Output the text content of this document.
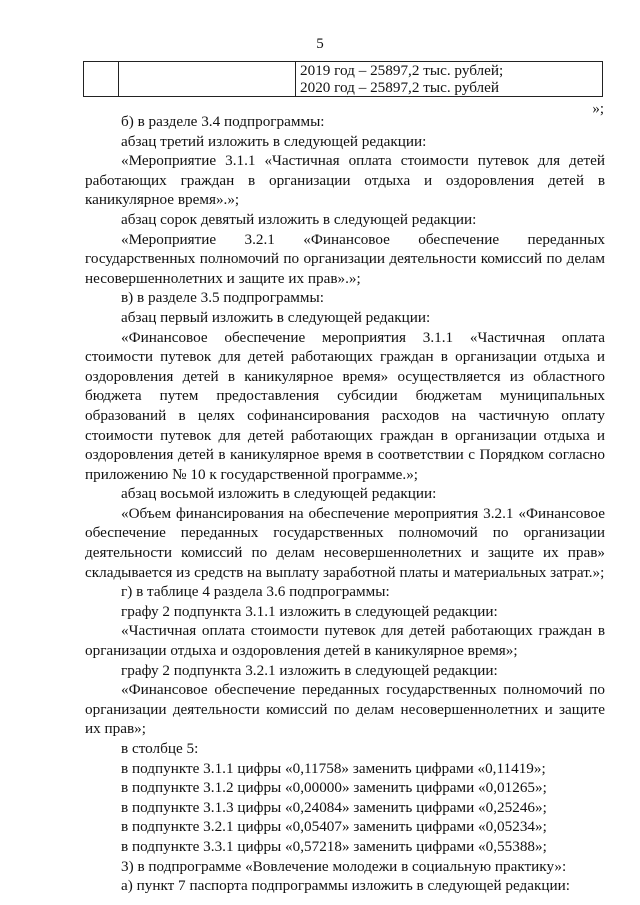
5

2019 год – 25897,2 тыс. рублей;
2020 год – 25897,2 тыс. рублей
»;

б) в разделе 3.4 подпрограммы:

абзац третий изложить в следующей редакции:

«Мероприятие 3.1.1 «Частичная оплата стоимости путевок для детей работающих граждан в организации отдыха и оздоровления детей в каникулярное время».»;

абзац сорок девятый изложить в следующей редакции:

«Мероприятие 3.2.1 «Финансовое обеспечение переданных государственных полномочий по организации деятельности комиссий по делам несовершеннолетних и защите их прав».»;

в) в разделе 3.5 подпрограммы:

абзац первый изложить в следующей редакции:

«Финансовое обеспечение мероприятия 3.1.1 «Частичная оплата стоимости путевок для детей работающих граждан в организации отдыха и оздоровления детей в каникулярное время» осуществляется из областного бюджета путем предоставления субсидии бюджетам муниципальных образований в целях софинансирования расходов на частичную оплату стоимости путевок для детей работающих граждан в организации отдыха и оздоровления детей в каникулярное время в соответствии с Порядком согласно приложению № 10 к государственной программе.»;

абзац восьмой изложить в следующей редакции:

«Объем финансирования на обеспечение мероприятия 3.2.1 «Финансовое обеспечение переданных государственных полномочий по организации деятельности комиссий по делам несовершеннолетних и защите их прав» складывается из средств на выплату заработной платы и материальных затрат.»;

г) в таблице 4 раздела 3.6 подпрограммы:

графу 2 подпункта 3.1.1 изложить в следующей редакции:

«Частичная оплата стоимости путевок для детей работающих граждан в организации отдыха и оздоровления детей в каникулярное время»;

графу 2 подпункта 3.2.1 изложить в следующей редакции:

«Финансовое обеспечение переданных государственных полномочий по организации деятельности комиссий по делам несовершеннолетних и защите их прав»;

в столбце 5:

в подпункте 3.1.1 цифры «0,11758» заменить цифрами «0,11419»;

в подпункте 3.1.2 цифры «0,00000» заменить цифрами «0,01265»;

в подпункте 3.1.3 цифры «0,24084» заменить цифрами «0,25246»;

в подпункте 3.2.1 цифры «0,05407» заменить цифрами «0,05234»;

в подпункте 3.3.1 цифры «0,57218» заменить цифрами «0,55388»;

3) в подпрограмме «Вовлечение молодежи в социальную практику»:

а) пункт 7 паспорта подпрограммы изложить в следующей редакции:
